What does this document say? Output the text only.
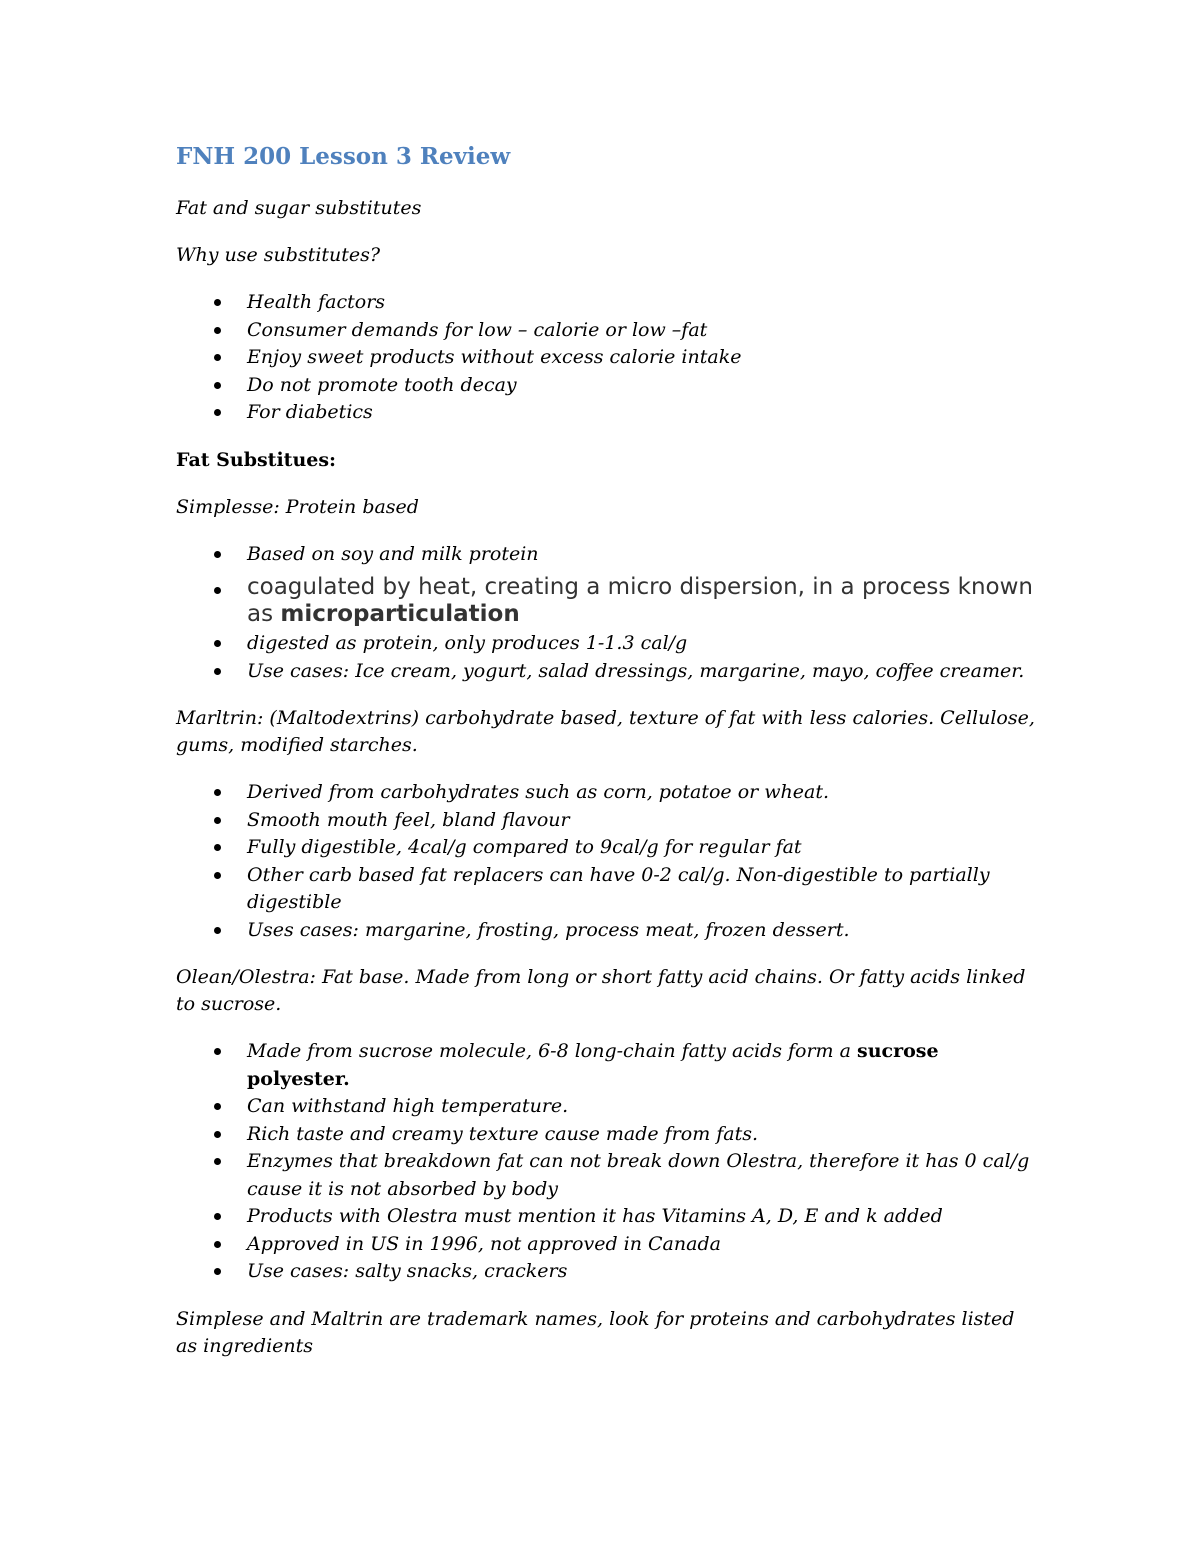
FNH 200 Lesson 3 Review

Fat and sugar substitutes

Why use substitutes?

Health factors
Consumer demands for low – calorie or low –fat
Enjoy sweet products without excess calorie intake
Do not promote tooth decay
For diabetics

Fat Substitues:

Simplesse: Protein based

Based on soy and milk protein
coagulated by heat, creating a micro dispersion, in a process known as microparticulation
digested as protein, only produces 1-1.3 cal/g
Use cases: Ice cream, yogurt, salad dressings, margarine, mayo, coffee creamer.

Marltrin: (Maltodextrins) carbohydrate based, texture of fat with less calories. Cellulose, gums, modified starches.

Derived from carbohydrates such as corn, potatoe or wheat.
Smooth mouth feel, bland flavour
Fully digestible, 4cal/g compared to 9cal/g for regular fat
Other carb based fat replacers can have 0-2 cal/g. Non-digestible to partially digestible
Uses cases: margarine, frosting, process meat, frozen dessert.

Olean/Olestra: Fat base. Made from long or short fatty acid chains. Or fatty acids linked to sucrose.

Made from sucrose molecule, 6-8 long-chain fatty acids form a sucrose polyester.
Can withstand high temperature.
Rich taste and creamy texture cause made from fats.
Enzymes that breakdown fat can not break down Olestra, therefore it has 0 cal/g cause it is not absorbed by body
Products with Olestra must mention it has Vitamins A, D, E and k added
Approved in US in 1996, not approved in Canada
Use cases: salty snacks, crackers

Simplese and Maltrin are trademark names, look for proteins and carbohydrates listed as ingredients
